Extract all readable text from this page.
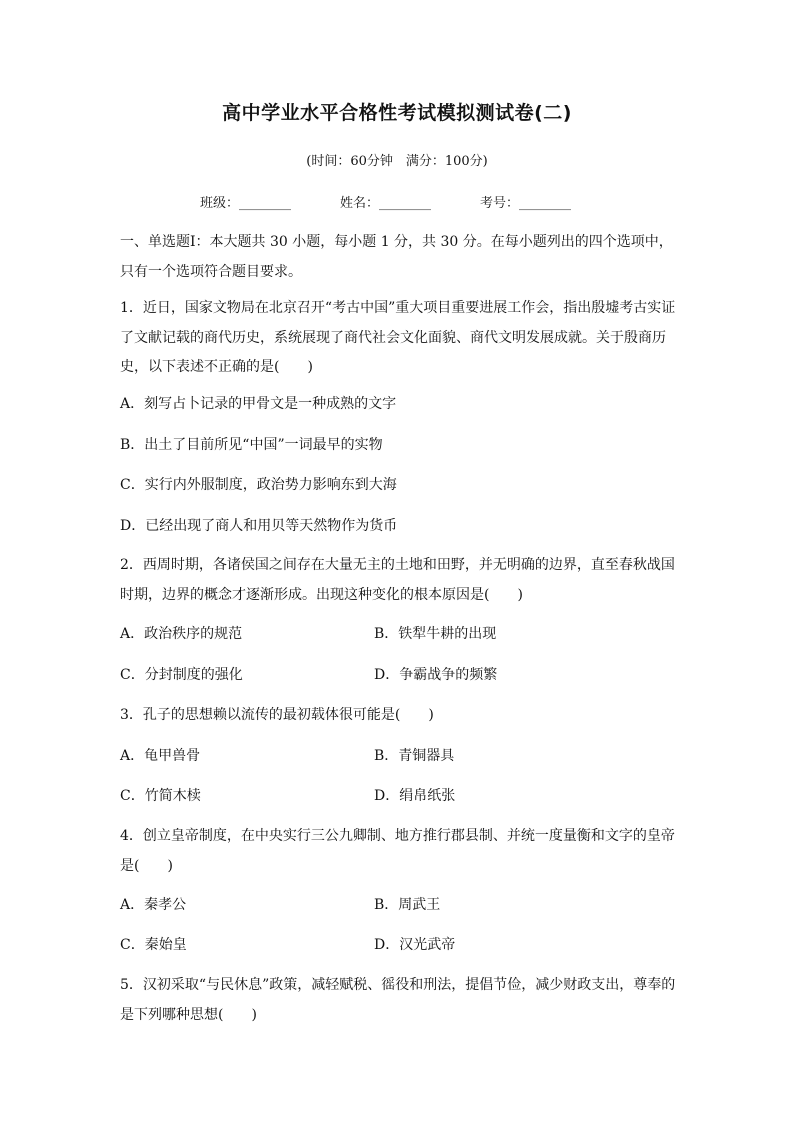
高中学业水平合格性考试模拟测试卷(二)
(时间：60分钟　满分：100分)
班级：________	姓名：________	考号：________
一、单选题Ⅰ：本大题共 30 小题，每小题 1 分，共 30 分。在每小题列出的四个选项中，只有一个选项符合题目要求。
1．近日，国家文物局在北京召开“考古中国”重大项目重要进展工作会，指出殷墟考古实证了文献记载的商代历史，系统展现了商代社会文化面貌、商代文明发展成就。关于殷商历史，以下表述不正确的是(　　)
A．刻写占卜记录的甲骨文是一种成熟的文字
B．出土了目前所见“中国”一词最早的实物
C．实行内外服制度，政治势力影响东到大海
D．已经出现了商人和用贝等天然物作为货币
2．西周时期，各诸侯国之间存在大量无主的土地和田野，并无明确的边界，直至春秋战国时期，边界的概念才逐渐形成。出现这种变化的根本原因是(　　)
A．政治秩序的规范	B．铁犁牛耕的出现
C．分封制度的强化	D．争霸战争的频繁
3．孔子的思想赖以流传的最初载体很可能是(　　)
A．龟甲兽骨	B．青铜器具
C．竹简木椟	D．绢帛纸张
4．创立皇帝制度，在中央实行三公九卿制、地方推行郡县制、并统一度量衡和文字的皇帝是(　　)
A．秦孝公	B．周武王
C．秦始皇	D．汉光武帝
5．汉初采取“与民休息”政策，减轻赋税、徭役和刑法，提倡节俭，减少财政支出，尊奉的是下列哪种思想(　　)
